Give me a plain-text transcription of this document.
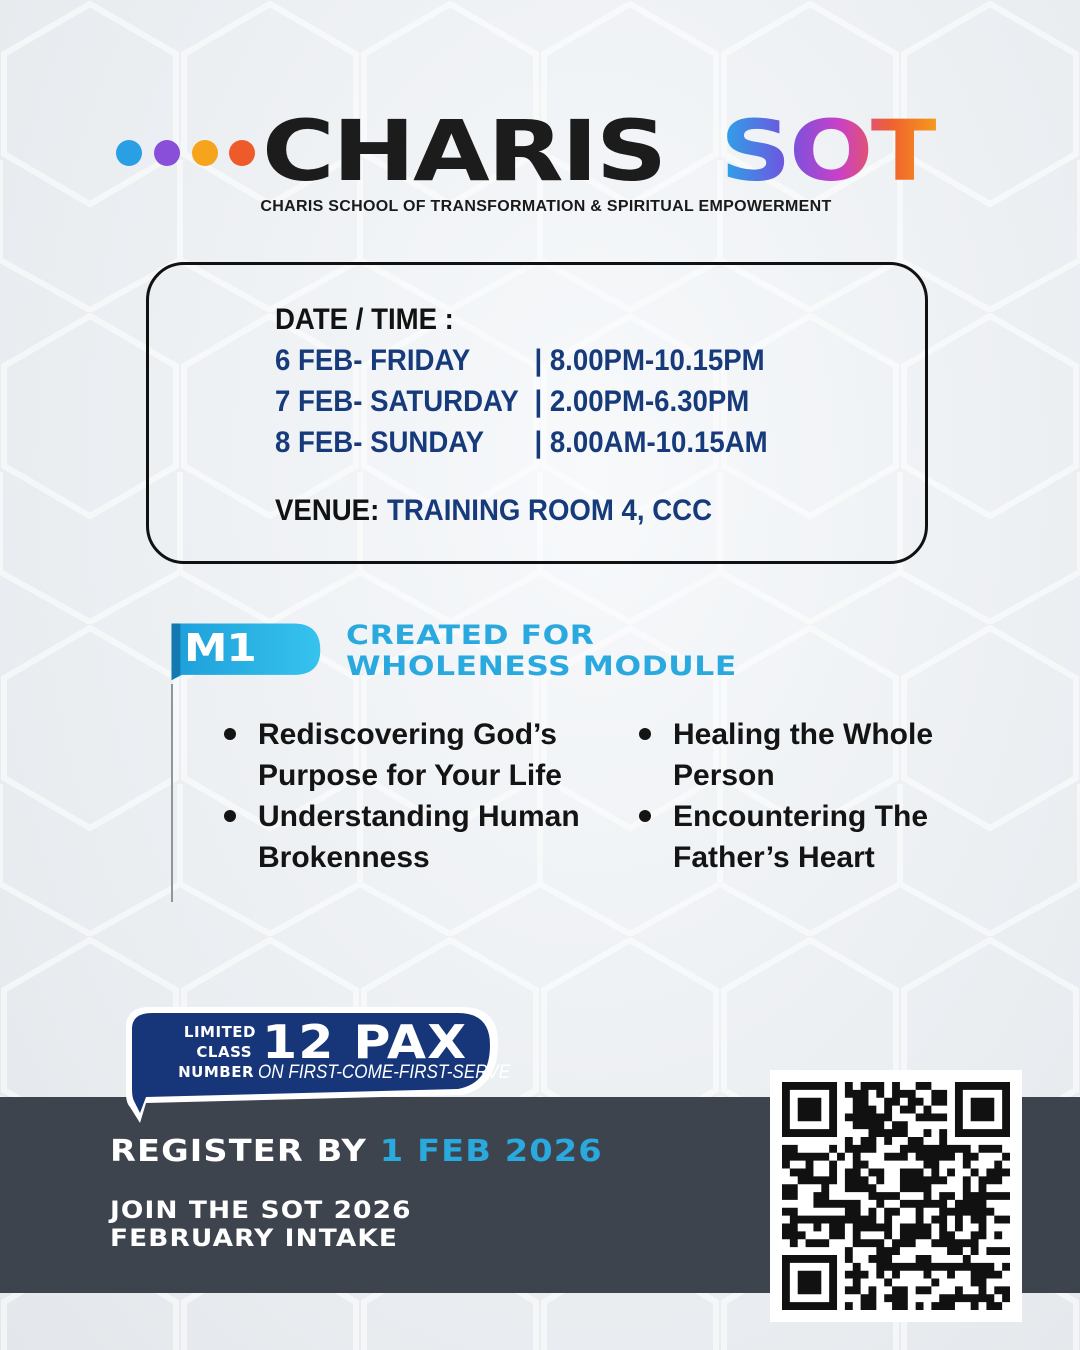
CHARIS SOT
CHARIS SCHOOL OF TRANSFORMATION & SPIRITUAL EMPOWERMENT
DATE / TIME :
6 FEB- FRIDAY | 8.00PM-10.15PM
7 FEB- SATURDAY | 2.00PM-6.30PM
8 FEB- SUNDAY | 8.00AM-10.15AM
VENUE: TRAINING ROOM 4, CCC
M1	CREATED FOR
WHOLENESS MODULE
Rediscovering God’s Purpose for Your Life
Understanding Human Brokenness
Healing the Whole Person
Encountering The Father’s Heart
LIMITED
CLASS
NUMBER
12 PAX
ON FIRST-COME-FIRST-SERVE
REGISTER BY 1 FEB 2026
JOIN THE SOT 2026
FEBRUARY INTAKE
